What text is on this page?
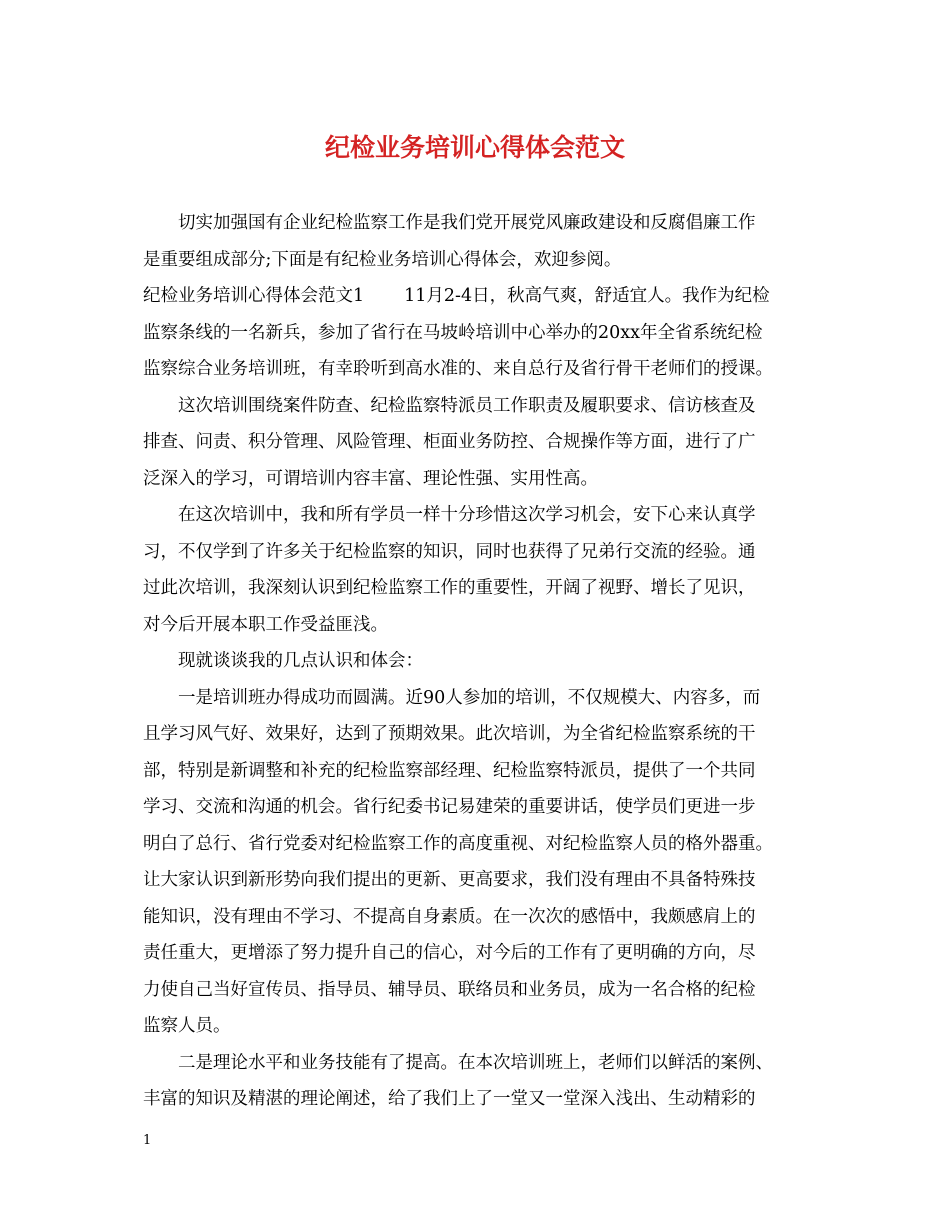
纪检业务培训心得体会范文
切实加强国有企业纪检监察工作是我们党开展党风廉政建设和反腐倡廉工作
是重要组成部分;下面是有纪检业务培训心得体会，欢迎参阅。
纪检业务培训心得体会范文1 11月2-4日，秋高气爽，舒适宜人。我作为纪检
监察条线的一名新兵，参加了省行在马坡岭培训中心举办的20xx年全省系统纪检
监察综合业务培训班，有幸聆听到高水准的、来自总行及省行骨干老师们的授课。
这次培训围绕案件防查、纪检监察特派员工作职责及履职要求、信访核查及
排查、问责、积分管理、风险管理、柜面业务防控、合规操作等方面，进行了广
泛深入的学习，可谓培训内容丰富、理论性强、实用性高。
在这次培训中，我和所有学员一样十分珍惜这次学习机会，安下心来认真学
习，不仅学到了许多关于纪检监察的知识，同时也获得了兄弟行交流的经验。通
过此次培训，我深刻认识到纪检监察工作的重要性，开阔了视野、增长了见识，
对今后开展本职工作受益匪浅。
现就谈谈我的几点认识和体会：
一是培训班办得成功而圆满。近90人参加的培训，不仅规模大、内容多，而
且学习风气好、效果好，达到了预期效果。此次培训，为全省纪检监察系统的干
部，特别是新调整和补充的纪检监察部经理、纪检监察特派员，提供了一个共同
学习、交流和沟通的机会。省行纪委书记易建荣的重要讲话，使学员们更进一步
明白了总行、省行党委对纪检监察工作的高度重视、对纪检监察人员的格外器重。
让大家认识到新形势向我们提出的更新、更高要求，我们没有理由不具备特殊技
能知识，没有理由不学习、不提高自身素质。在一次次的感悟中，我颇感肩上的
责任重大，更增添了努力提升自己的信心，对今后的工作有了更明确的方向，尽
力使自己当好宣传员、指导员、辅导员、联络员和业务员，成为一名合格的纪检
监察人员。
二是理论水平和业务技能有了提高。在本次培训班上，老师们以鲜活的案例、
丰富的知识及精湛的理论阐述，给了我们上了一堂又一堂深入浅出、生动精彩的
1
